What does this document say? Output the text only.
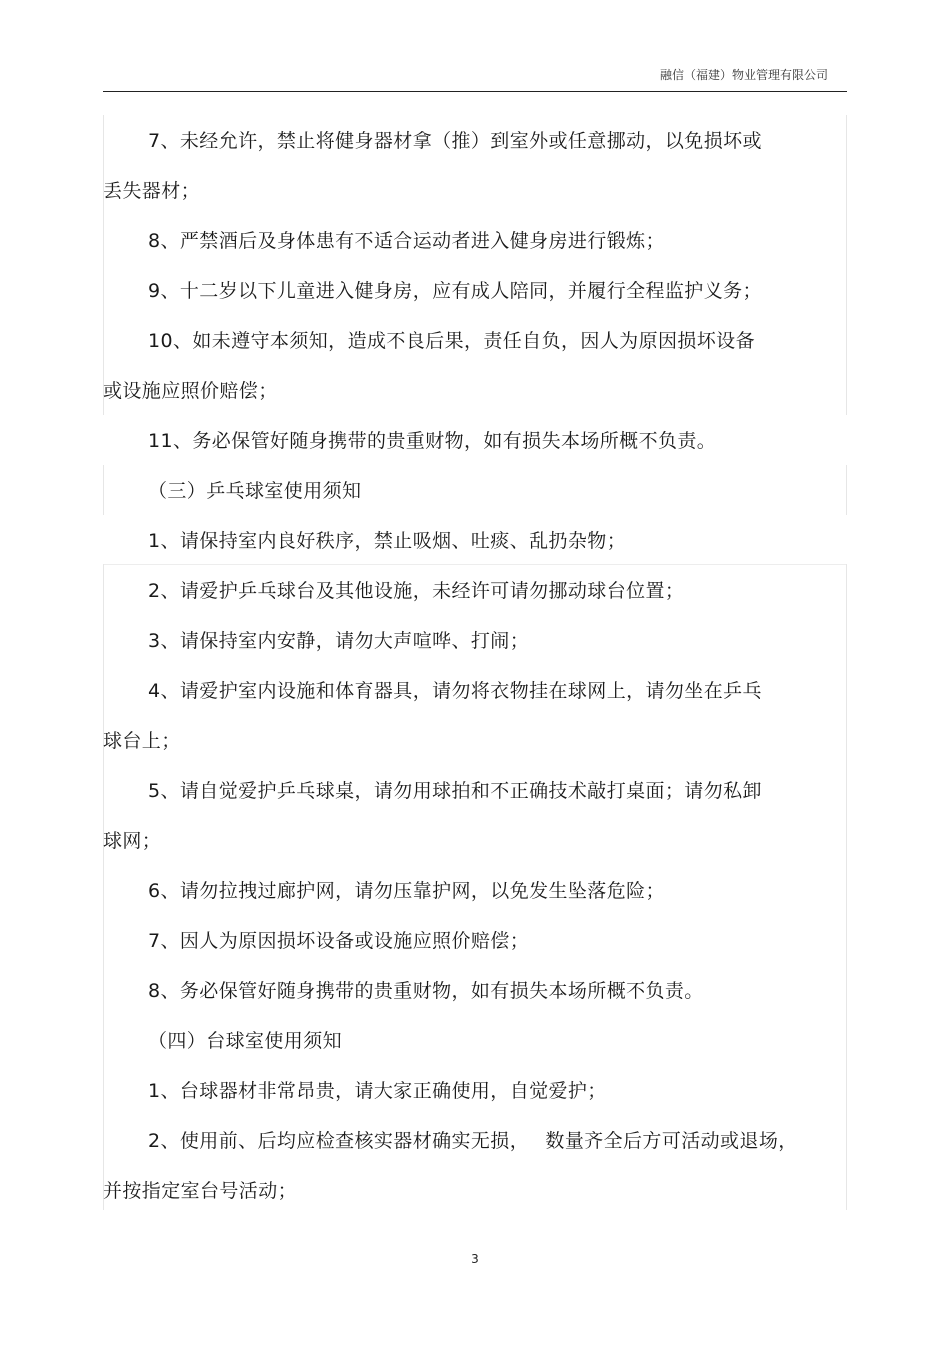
融信（福建）物业管理有限公司
7、未经允许，禁止将健身器材拿（推）到室外或任意挪动，以免损坏或
丢失器材；
8、严禁酒后及身体患有不适合运动者进入健身房进行锻炼；
9、十二岁以下儿童进入健身房，应有成人陪同，并履行全程监护义务；
10、如未遵守本须知，造成不良后果，责任自负，因人为原因损坏设备
或设施应照价赔偿；
11、务必保管好随身携带的贵重财物，如有损失本场所概不负责。
（三）乒乓球室使用须知
1、请保持室内良好秩序，禁止吸烟、吐痰、乱扔杂物；
2、请爱护乒乓球台及其他设施，未经许可请勿挪动球台位置；
3、请保持室内安静，请勿大声喧哗、打闹；
4、请爱护室内设施和体育器具，请勿将衣物挂在球网上，请勿坐在乒乓
球台上；
5、请自觉爱护乒乓球桌，请勿用球拍和不正确技术敲打桌面；请勿私卸
球网；
6、请勿拉拽过廊护网，请勿压靠护网，以免发生坠落危险；
7、因人为原因损坏设备或设施应照价赔偿；
8、务必保管好随身携带的贵重财物，如有损失本场所概不负责。
（四）台球室使用须知
1、台球器材非常昂贵，请大家正确使用，自觉爱护；
2、使用前、后均应检查核实器材确实无损，　 数量齐全后方可活动或退场，
并按指定室台号活动；
3
